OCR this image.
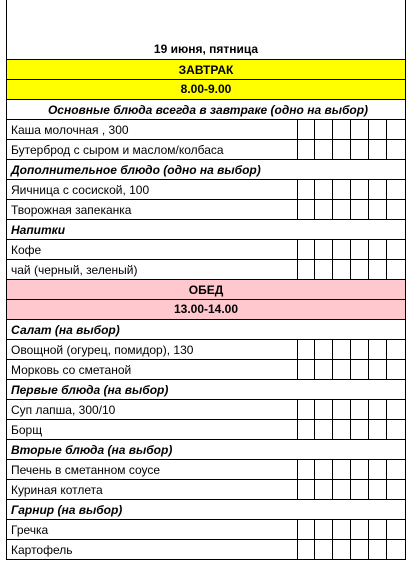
19 июня, пятница
ЗАВТРАК
8.00-9.00
Основные блюда всегда в завтраке (одно на выбор)
Каша молочная , 300
Бутерброд с сыром и маслом/колбаса
Дополнительное блюдо (одно на выбор)
Яичница с сосиской, 100
Творожная запеканка
Напитки
Кофе
чай (черный, зеленый)
ОБЕД
13.00-14.00
Салат (на выбор)
Овощной (огурец, помидор), 130
Морковь со сметаной
Первые блюда (на выбор)
Суп лапша, 300/10
Борщ
Вторые блюда (на выбор)
Печень в сметанном соусе
Куриная котлета
Гарнир (на выбор)
Гречка
Картофель
